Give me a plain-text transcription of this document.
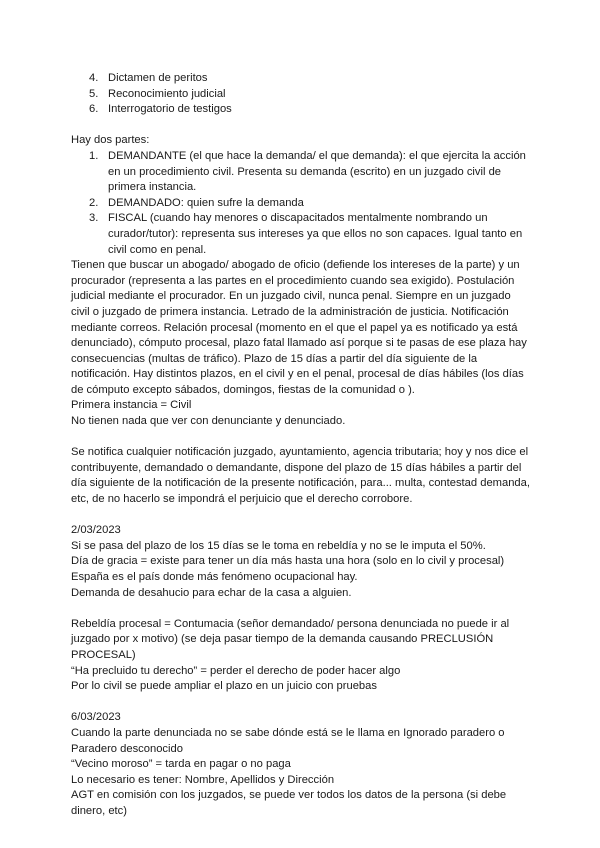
4. Dictamen de peritos
5. Reconocimiento judicial
6. Interrogatorio de testigos

Hay dos partes:

1. DEMANDANTE (el que hace la demanda/ el que demanda): el que ejercita la acción en un procedimiento civil. Presenta su demanda (escrito) en un juzgado civil de primera instancia.
2. DEMANDADO: quien sufre la demanda
3. FISCAL (cuando hay menores o discapacitados mentalmente nombrando un curador/tutor): representa sus intereses ya que ellos no son capaces. Igual tanto en civil como en penal.

Tienen que buscar un abogado/ abogado de oficio (defiende los intereses de la parte) y un procurador (representa a las partes en el procedimiento cuando sea exigido). Postulación judicial mediante el procurador. En un juzgado civil, nunca penal. Siempre en un juzgado civil o juzgado de primera instancia. Letrado de la administración de justicia. Notificación mediante correos. Relación procesal (momento en el que el papel ya es notificado ya está denunciado), cómputo procesal, plazo fatal llamado así porque si te pasas de ese plaza hay consecuencias (multas de tráfico). Plazo de 15 días a partir del día siguiente de la notificación. Hay distintos plazos, en el civil y en el penal, procesal de días hábiles (los días de cómputo excepto sábados, domingos, fiestas de la comunidad o ).

Primera instancia = Civil

No tienen nada que ver con denunciante y denunciado.

Se notifica cualquier notificación juzgado, ayuntamiento, agencia tributaria; hoy y nos dice el contribuyente, demandado o demandante, dispone del plazo de 15 días hábiles a partir del día siguiente de la notificación de la presente notificación, para... multa, contestad demanda, etc, de no hacerlo se impondrá el perjuicio que el derecho corrobore.

2/03/2023

Si se pasa del plazo de los 15 días se le toma en rebeldía y no se le imputa el 50%.

Día de gracia = existe para tener un día más hasta una hora (solo en lo civil y procesal)

España es el país donde más fenómeno ocupacional hay.

Demanda de desahucio para echar de la casa a alguien.

Rebeldía procesal = Contumacia (señor demandado/ persona denunciada no puede ir al juzgado por x motivo) (se deja pasar tiempo de la demanda causando PRECLUSIÓN PROCESAL)

“Ha precluido tu derecho” = perder el derecho de poder hacer algo

Por lo civil se puede ampliar el plazo en un juicio con pruebas

6/03/2023

Cuando la parte denunciada no se sabe dónde está se le llama en Ignorado paradero o Paradero desconocido

“Vecino moroso” = tarda en pagar o no paga

Lo necesario es tener: Nombre, Apellidos y Dirección

AGT en comisión con los juzgados, se puede ver todos los datos de la persona (si debe dinero, etc)
